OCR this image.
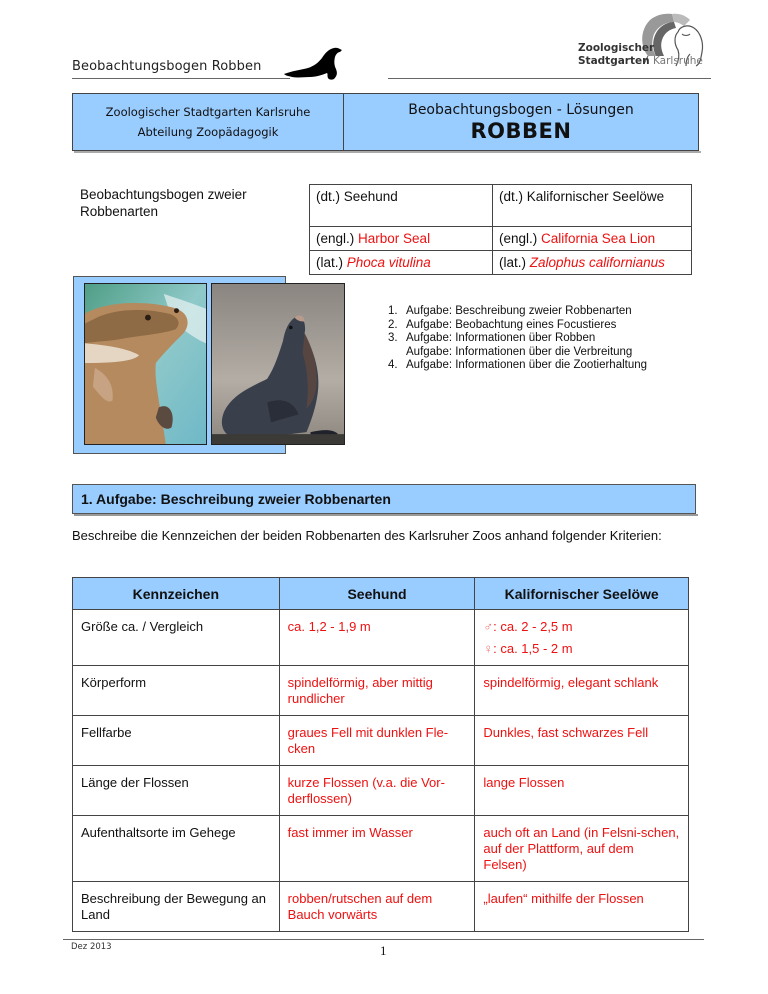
Beobachtungsbogen Robben
Zoologischer
Stadtgarten Karlsruhe
Zoologischer Stadtgarten Karlsruhe
Abteilung Zoopädagogik
Beobachtungsbogen - Lösungen
ROBBEN
Beobachtungsbogen zweier Robbenarten
(dt.) Seehund	(dt.) Kalifornischer Seelöwe
(engl.) Harbor Seal	(engl.) California Sea Lion
(lat.) Phoca vitulina	(lat.) Zalophus californianus
1. Aufgabe: Beschreibung zweier Robbenarten
2. Aufgabe: Beobachtung eines Focustieres
3. Aufgabe: Informationen über Robben
Aufgabe: Informationen über die Verbreitung
4. Aufgabe: Informationen über die Zootierhaltung
1. Aufgabe: Beschreibung zweier Robbenarten

Beschreibe die Kennzeichen der beiden Robbenarten des Karlsruher Zoos anhand folgender Kriterien:

Kennzeichen	Seehund	Kalifornischer Seelöwe
Größe ca. / Vergleich	ca. 1,2 - 1,9 m	♂: ca. 2 - 2,5 m
♀: ca. 1,5 - 2 m

Körperform	spindelförmig, aber mittig rundlicher	spindelförmig, elegant schlank
Fellfarbe	graues Fell mit dunklen Fle-cken	Dunkles, fast schwarzes Fell
Länge der Flossen	kurze Flossen (v.a. die Vor-derflossen)	lange Flossen
Aufenthaltsorte im Gehege	fast immer im Wasser	auch oft an Land (in Felsni-schen, auf der Plattform, auf dem Felsen)
Beschreibung der Bewegung an Land	robben/rutschen auf dem Bauch vorwärts	„laufen“ mithilfe der Flossen
Dez 2013	1
